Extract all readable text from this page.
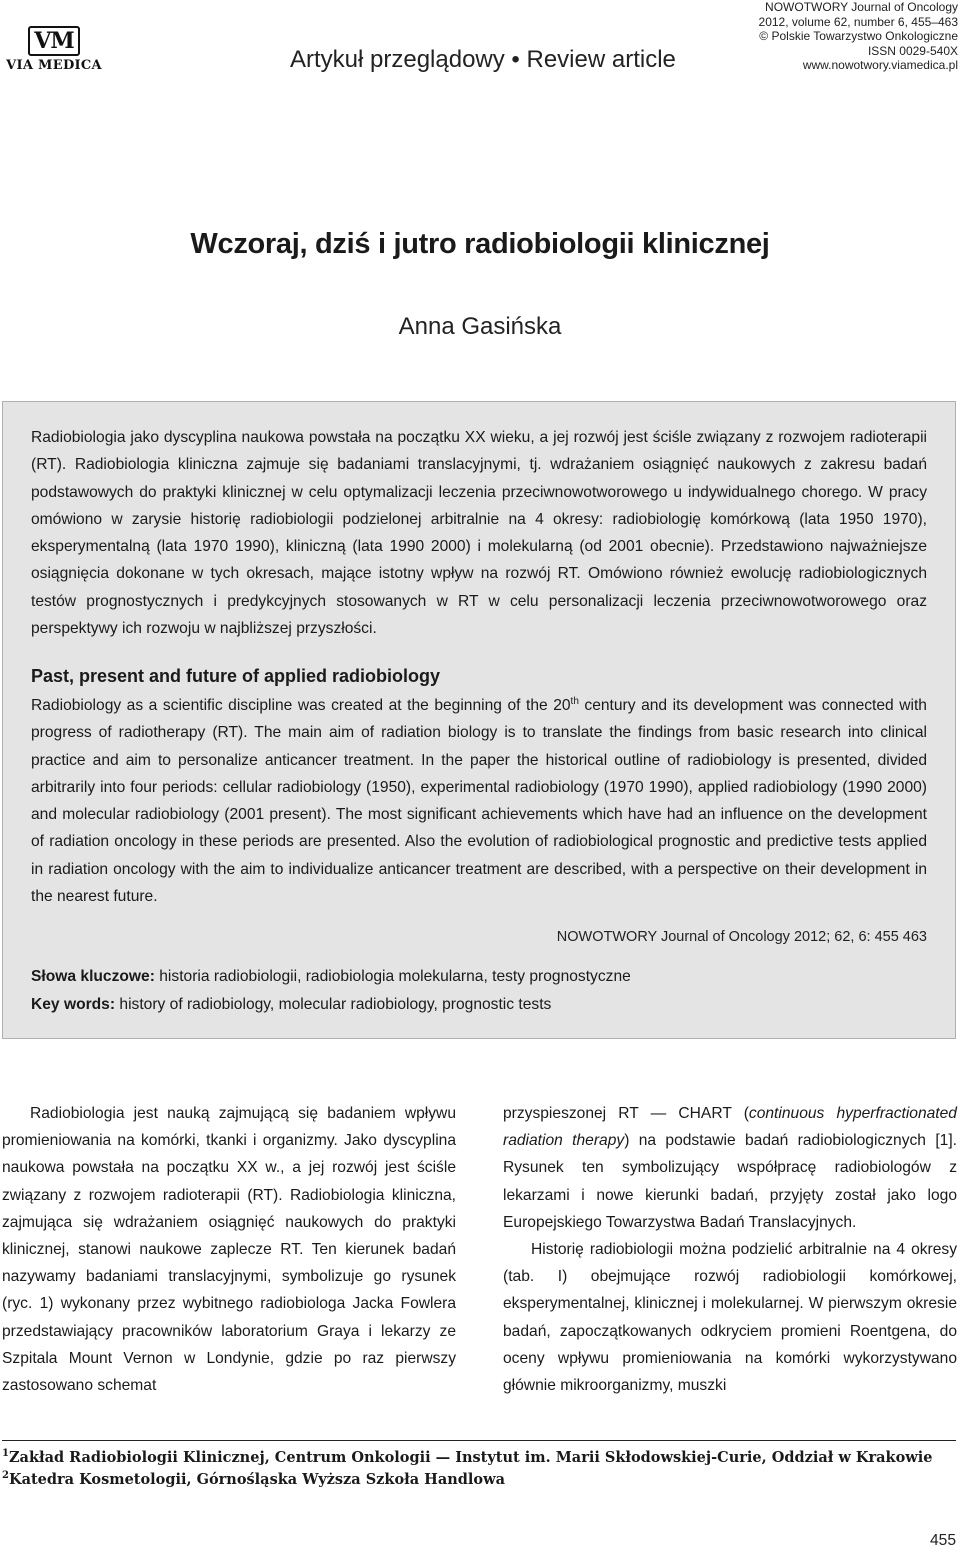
VM
VIA MEDICA	Artykuł przeglądowy • Review article
NOWOTWORY Journal of Oncology
2012, volume 62, number 6, 455–463
© Polskie Towarzystwo Onkologiczne
ISSN 0029-540X
www.nowotwory.viamedica.pl
Wczoraj, dziś i jutro radiobiologii klinicznej
Anna Gasińska

Radiobiologia jako dyscyplina naukowa powstała na początku XX wieku, a jej rozwój jest ściśle związany z rozwojem radioterapii (RT). Radiobiologia kliniczna zajmuje się badaniami translacyjnymi, tj. wdrażaniem osiągnięć naukowych z zakresu badań podstawowych do praktyki klinicznej w celu optymalizacji leczenia przeciwnowotworowego u indywidualnego chorego. W pracy omówiono w zarysie historię radiobiologii podzielonej arbitralnie na 4 okresy: radiobiologię komórkową (lata 1950 1970), eksperymentalną (lata 1970 1990), kliniczną (lata 1990 2000) i molekularną (od 2001 obecnie). Przedstawiono najważniejsze osiągnięcia dokonane w tych okresach, mające istotny wpływ na rozwój RT. Omówiono również ewolucję radiobiologicznych testów prognostycznych i predykcyjnych stosowanych w RT w celu personalizacji leczenia przeciwnowotworowego oraz perspektywy ich rozwoju w najbliższej przyszłości.

Past, present and future of applied radiobiology

Radiobiology as a scientific discipline was created at the beginning of the 20th century and its development was connected with progress of radiotherapy (RT). The main aim of radiation biology is to translate the findings from basic research into clinical practice and aim to personalize anticancer treatment. In the paper the historical outline of radiobiology is presented, divided arbitrarily into four periods: cellular radiobiology (1950), experimental radiobiology (1970 1990), applied radiobiology (1990 2000) and molecular radiobiology (2001 present). The most significant achievements which have had an influence on the development of radiation oncology in these periods are presented. Also the evolution of radiobiological prognostic and predictive tests applied in radiation oncology with the aim to individualize anticancer treatment are described, with a perspective on their development in the nearest future.

NOWOTWORY Journal of Oncology 2012; 62, 6: 455 463
Słowa kluczowe: historia radiobiologii, radiobiologia molekularna, testy prognostyczne
Key words: history of radiobiology, molecular radiobiology, prognostic tests

Radiobiologia jest nauką zajmującą się badaniem wpływu promieniowania na komórki, tkanki i organizmy. Jako dyscyplina naukowa powstała na początku XX w., a jej rozwój jest ściśle związany z rozwojem radioterapii (RT). Radiobiologia kliniczna, zajmująca się wdrażaniem osiągnięć naukowych do praktyki klinicznej, stanowi naukowe zaplecze RT. Ten kierunek badań nazywamy badaniami translacyjnymi, symbolizuje go rysunek (ryc. 1) wykonany przez wybitnego radiobiologa Jacka Fowlera przedstawiający pracowników laboratorium Graya i lekarzy ze Szpitala Mount Vernon w Londynie, gdzie po raz pierwszy zastosowano schemat

przyspieszonej RT — CHART (continuous hyperfractionated radiation therapy) na podstawie badań radiobiologicznych [1]. Rysunek ten symbolizujący współpracę radiobiologów z lekarzami i nowe kierunki badań, przyjęty został jako logo Europejskiego Towarzystwa Badań Translacyjnych.

Historię radiobiologii można podzielić arbitralnie na 4 okresy (tab. I) obejmujące rozwój radiobiologii komórkowej, eksperymentalnej, klinicznej i molekularnej. W pierwszym okresie badań, zapoczątkowanych odkryciem promieni Roentgena, do oceny wpływu promieniowania na komórki wykorzystywano głównie mikroorganizmy, muszki

$^1$Zakład Radiobiologii Klinicznej, Centrum Onkologii — Instytut im. Marii Skłodowskiej-Curie, Oddział w Krakowie
$^2$Katedra Kosmetologii, Górnośląska Wyższa Szkoła Handlowa
455
